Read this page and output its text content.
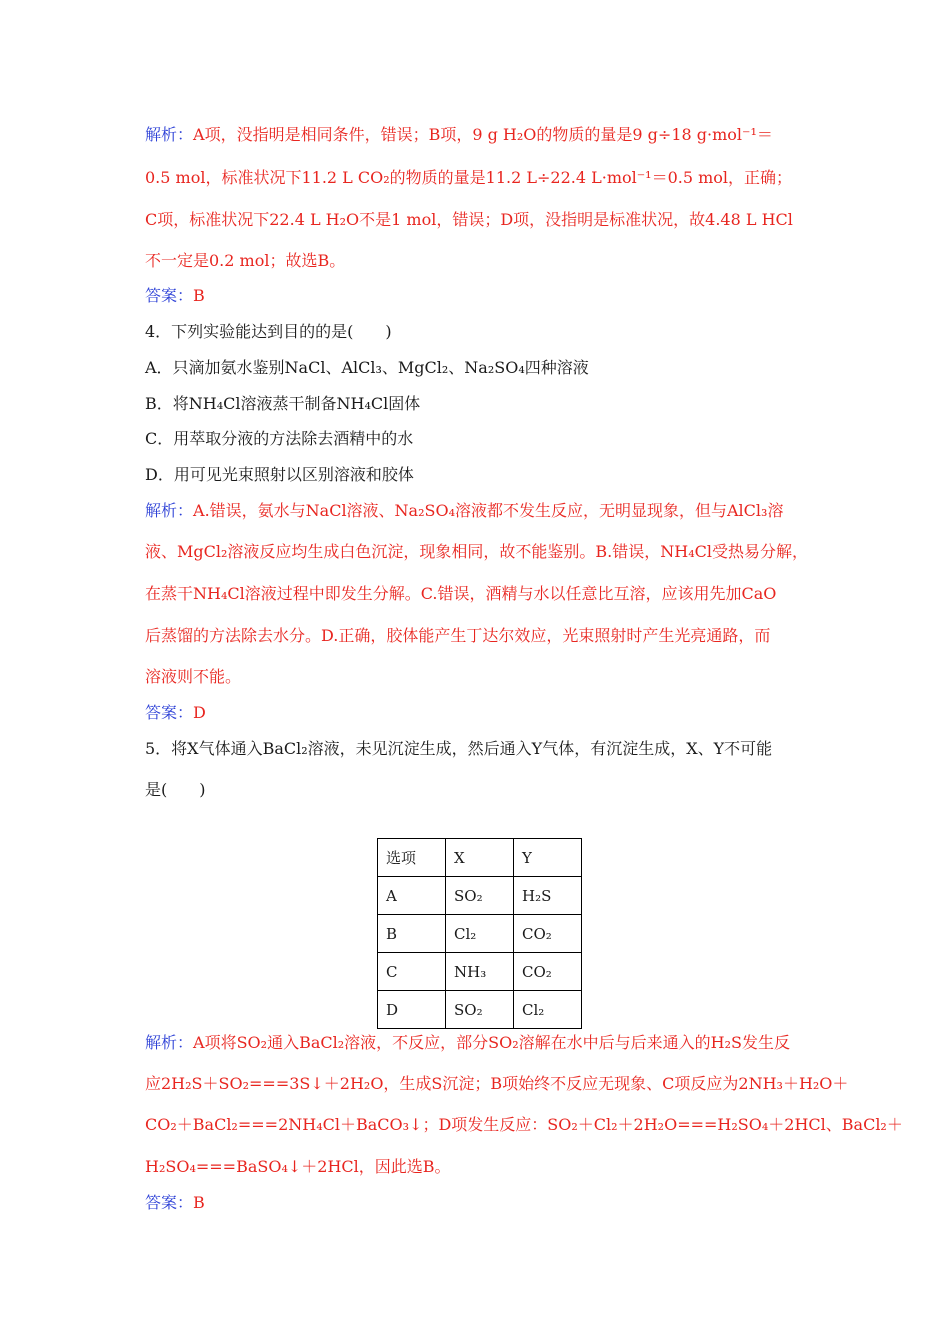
解析：A项，没指明是相同条件，错误；B项，9 g H₂O的物质的量是9 g÷18 g·mol⁻¹＝
0.5 mol，标准状况下11.2 L CO₂的物质的量是11.2 L÷22.4 L·mol⁻¹＝0.5 mol，正确；
C项，标准状况下22.4 L H₂O不是1 mol，错误；D项，没指明是标准状况，故4.48 L HCl
不一定是0.2 mol；故选B。
答案：B
4．下列实验能达到目的的是(　　)
A．只滴加氨水鉴别NaCl、AlCl₃、MgCl₂、Na₂SO₄四种溶液
B．将NH₄Cl溶液蒸干制备NH₄Cl固体
C．用萃取分液的方法除去酒精中的水
D．用可见光束照射以区别溶液和胶体
解析：A.错误，氨水与NaCl溶液、Na₂SO₄溶液都不发生反应，无明显现象，但与AlCl₃溶
液、MgCl₂溶液反应均生成白色沉淀，现象相同，故不能鉴别。B.错误，NH₄Cl受热易分解，
在蒸干NH₄Cl溶液过程中即发生分解。C.错误，酒精与水以任意比互溶，应该用先加CaO
后蒸馏的方法除去水分。D.正确，胶体能产生丁达尔效应，光束照射时产生光亮通路，而
溶液则不能。
答案：D
5．将X气体通入BaCl₂溶液，未见沉淀生成，然后通入Y气体，有沉淀生成，X、Y不可能
是(　　)
选项	X	Y
A	SO₂	H₂S
B	Cl₂	CO₂
C	NH₃	CO₂
D	SO₂	Cl₂
解析：A项将SO₂通入BaCl₂溶液，不反应，部分SO₂溶解在水中后与后来通入的H₂S发生反
应2H₂S＋SO₂===3S↓＋2H₂O，生成S沉淀；B项始终不反应无现象、C项反应为2NH₃＋H₂O＋
CO₂＋BaCl₂===2NH₄Cl＋BaCO₃↓；D项发生反应：SO₂＋Cl₂＋2H₂O===H₂SO₄＋2HCl、BaCl₂＋
H₂SO₄===BaSO₄↓＋2HCl，因此选B。
答案：B
